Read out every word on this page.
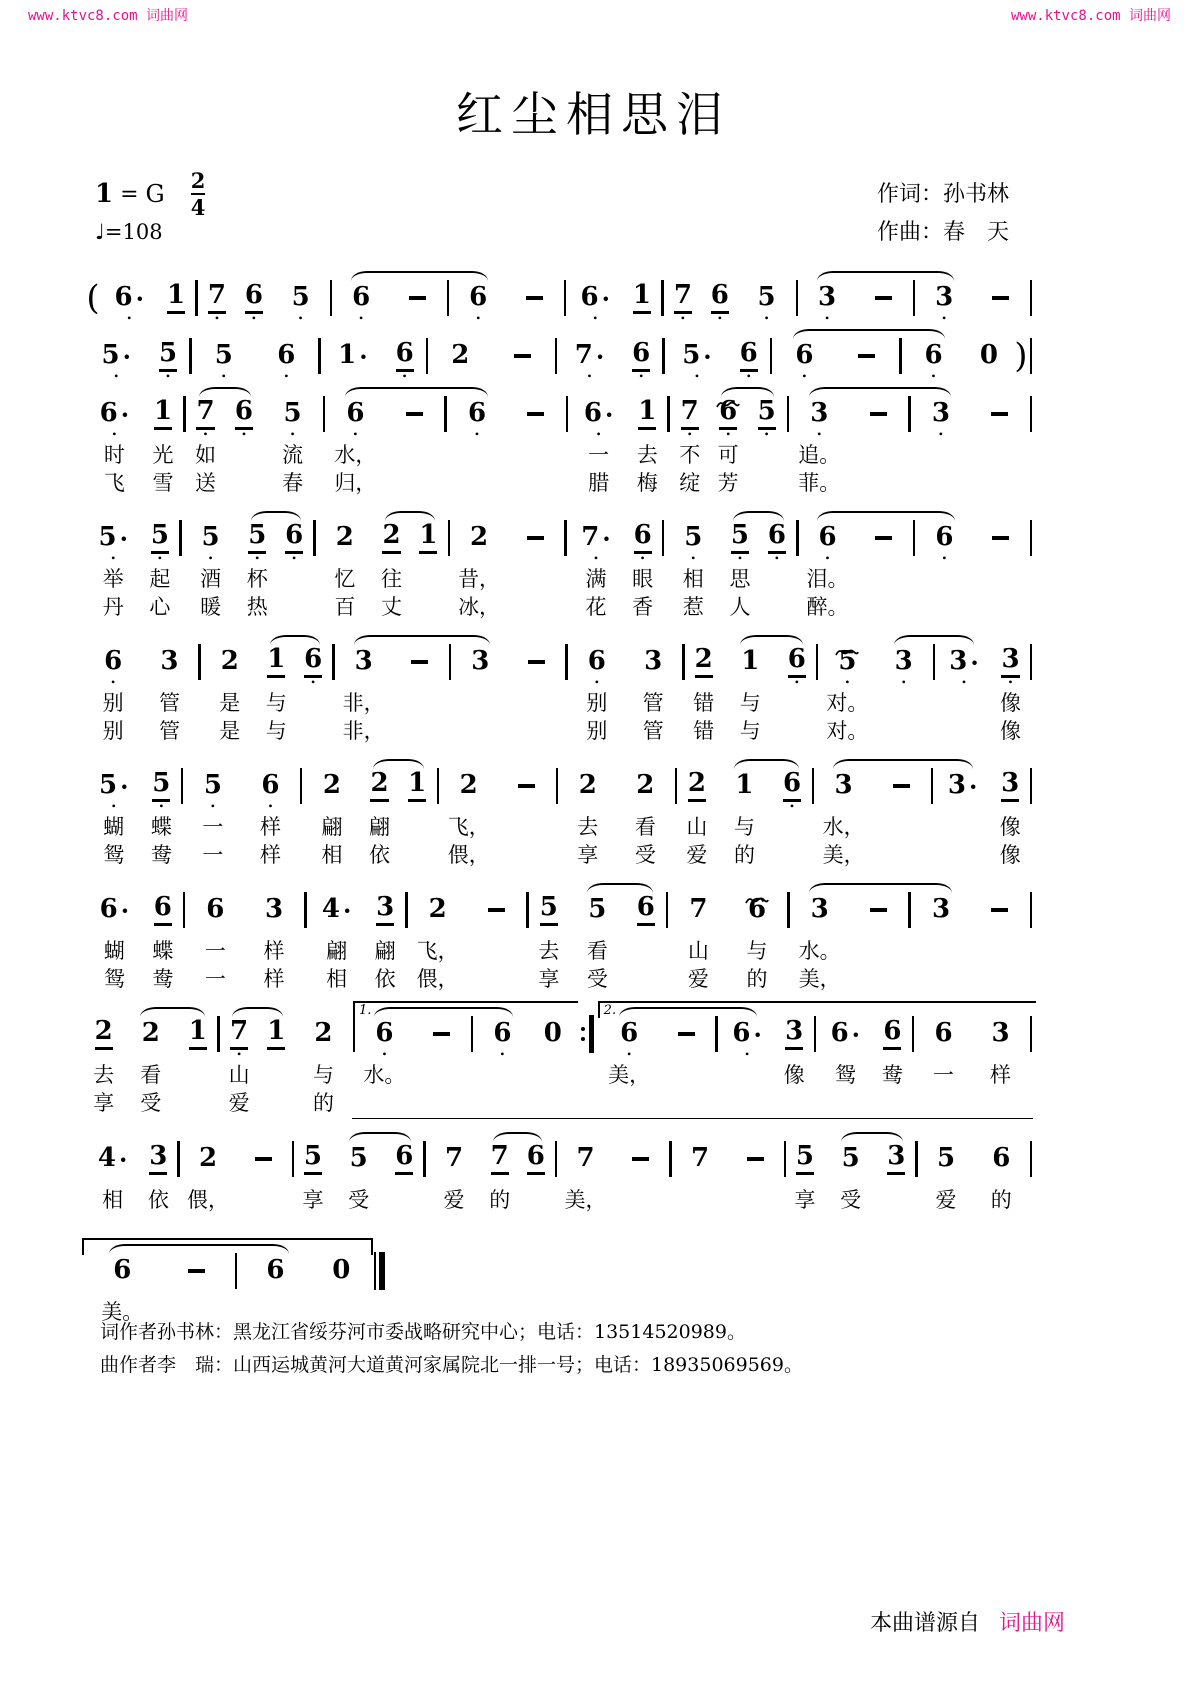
www.ktvc8.com 词曲网	www.ktvc8.com 词曲网
红尘相思泪
1 = G $\frac{2}{4}$
♩=108
作词：孙书林
作曲：春　天
( 6 ·
•
1 7
•
6
•
5
•
6
•
6
•
6 ·
•
1 7
•
6
•
5
•
3
•
3
•
5 ·
•
5
•
5
•
6
•
1 · 6
•
2	7 ·
•
6
•
5 ·
•
6
•
6
•
6
•
0 )
6 ·
•
时
飞
1
光
雪
7
•
如
送
6
•
5
•
流
春
6
•
水，
归，
6
•
6 ·
•
一
腊
1
去
梅
7
•
不
绽
6
•
可
芳
5
•
3
•
追。
菲。
3
•
5 ·
•
举
丹
5
•
起
心
5
•
酒
暖
5
•
杯
热
6
•
2
忆
百
2
往
丈
1 2
昔，
冰，
7 ·
•
满
花
6
•
眼
香
5
•
相
惹
5
•
思
人
6
•
6
•
泪。
醉。
6
•
6
•
别
别
3
管
管
2
是
是
1
与
与
6
•
3
非，
非，
3	6
•
别
别
3
管
管
2
错
错
1
与
与
6
•
5
•
对。
对。
3
•
3 ·
•
3
•
像
像
5 ·
•
蝴
鸳
5
•
蝶
鸯
5
•
一
一
6
•
样
样
2
翩
相
2
翩
依
1 2
飞，
偎，
2
去
享
2
看
受
2
山
爱
1
与
的
6
•
3
水，
美，
3 · 3
像
像
6 ·
蝴
鸳
6
蝶
鸯
6
一
一
3
样
样
4 ·
翩
相
3
翩
依
2
飞，
偎，
5
去
享
5
看
受
6 7
山
爱
6
与
的
3
水。
美，
3
2
去
享
2
看
受
1 7
•
山
爱
1 2
与
的
1.
6
•
水。
6
•
0
2.
6
•
美，
6 ·
•
3
像
6 ·
鸳
6
鸯
6
一
3
样
4 ·
相
3
依
2
偎，
5
享
5
受
6 7
爱
7
的
6 7
美，
7	5
享
5
受
3 5
爱
6
的
6
美。
6 0
词作者孙书林：黑龙江省绥芬河市委战略研究中心；电话：13514520989。
曲作者李　瑞：山西运城黄河大道黄河家属院北一排一号；电话：18935069569。
本曲谱源自 词曲网
